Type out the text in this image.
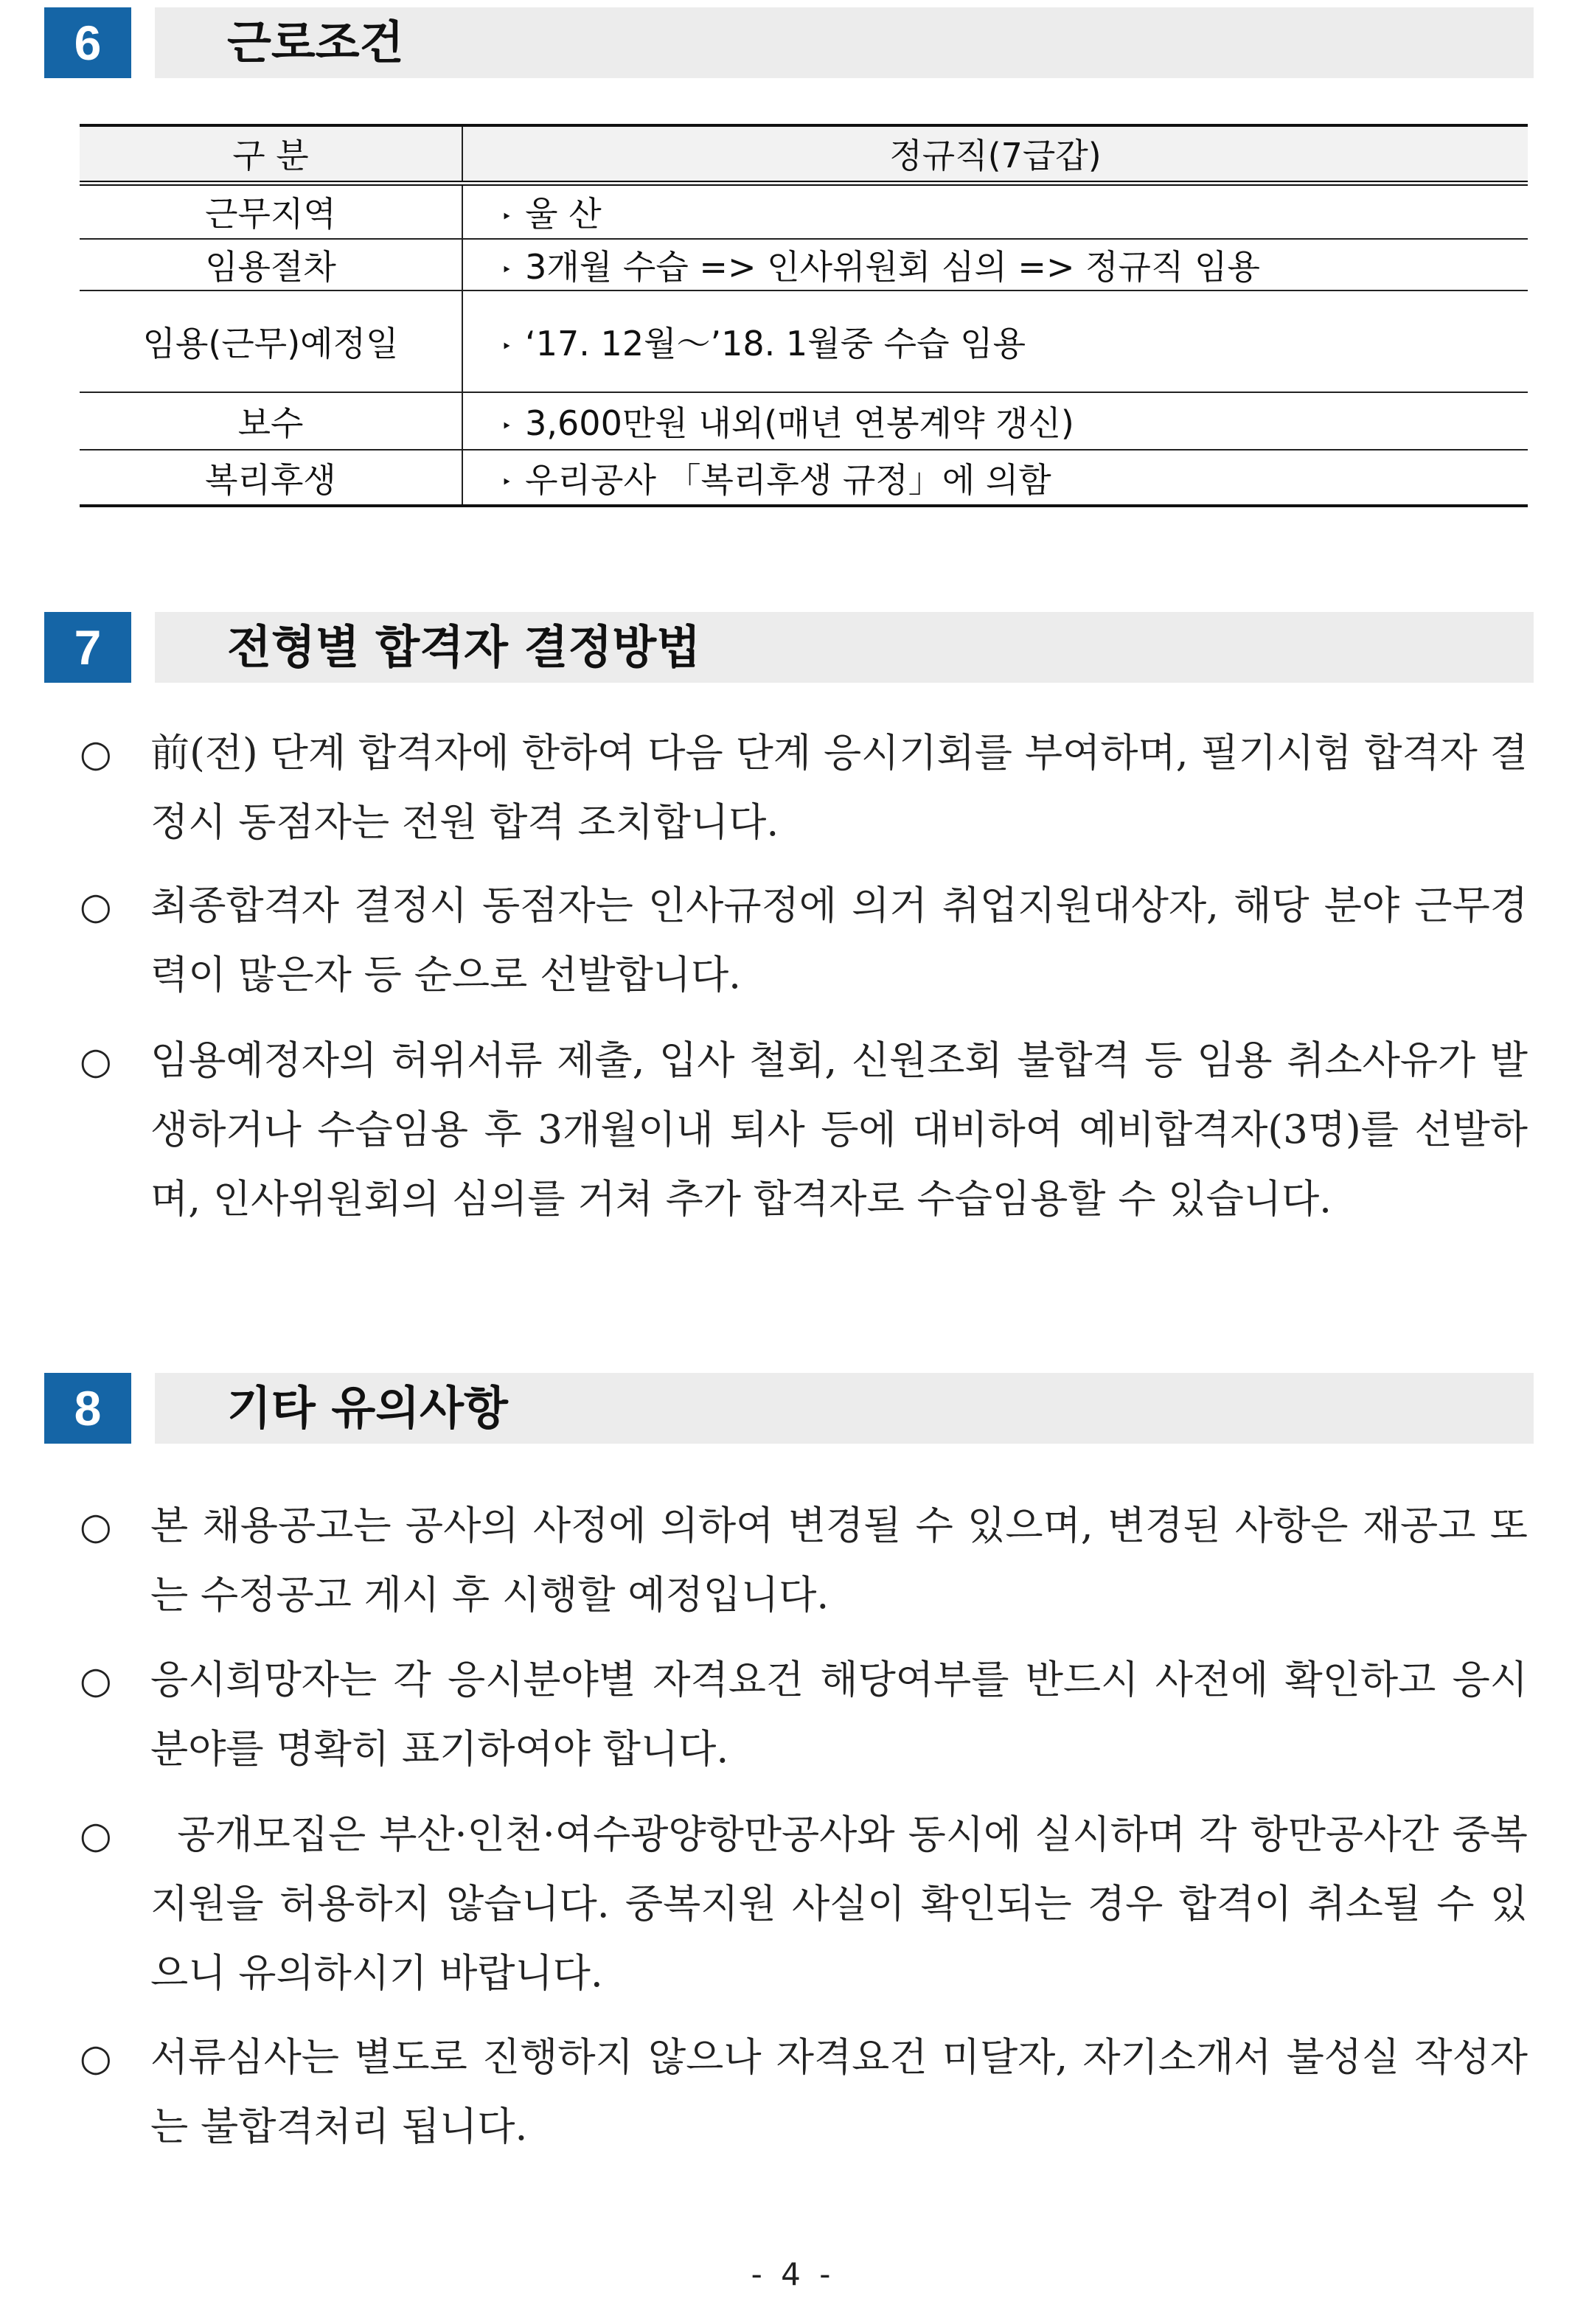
6	근로조건
구 분	정규직(7급갑)
근무지역	‣ 울 산
임용절차	‣ 3개월 수습 => 인사위원회 심의 => 정규직 임용
임용(근무)예정일	‣ ‘17. 12월～’18. 1월중 수습 임용
보수	‣ 3,600만원 내외(매년 연봉계약 갱신)
복리후생	‣ 우리공사 「복리후생 규정」에 의함
7	전형별 합격자 결정방법
○ 前(전) 단계 합격자에 한하여 다음 단계 응시기회를 부여하며, 필기시험 합격자 결정시 동점자는 전원 합격 조치합니다.
○ 최종합격자 결정시 동점자는 인사규정에 의거 취업지원대상자, 해당 분야 근무경력이 많은자 등 순으로 선발합니다.
○ 임용예정자의 허위서류 제출, 입사 철회, 신원조회 불합격 등 임용 취소사유가 발생하거나 수습임용 후 3개월이내 퇴사 등에 대비하여 예비합격자(3명)를 선발하며, 인사위원회의 심의를 거쳐 추가 합격자로 수습임용할 수 있습니다.
8	기타 유의사항
○ 본 채용공고는 공사의 사정에 의하여 변경될 수 있으며, 변경된 사항은 재공고 또는 수정공고 게시 후 시행할 예정입니다.
○ 응시희망자는 각 응시분야별 자격요건 해당여부를 반드시 사전에 확인하고 응시분야를 명확히 표기하여야 합니다.
○ 공개모집은 부산·인천·여수광양항만공사와 동시에 실시하며 각 항만공사간 중복지원을 허용하지 않습니다. 중복지원 사실이 확인되는 경우 합격이 취소될 수 있으니 유의하시기 바랍니다.
○ 서류심사는 별도로 진행하지 않으나 자격요건 미달자, 자기소개서 불성실 작성자는 불합격처리 됩니다.
- 4 -
